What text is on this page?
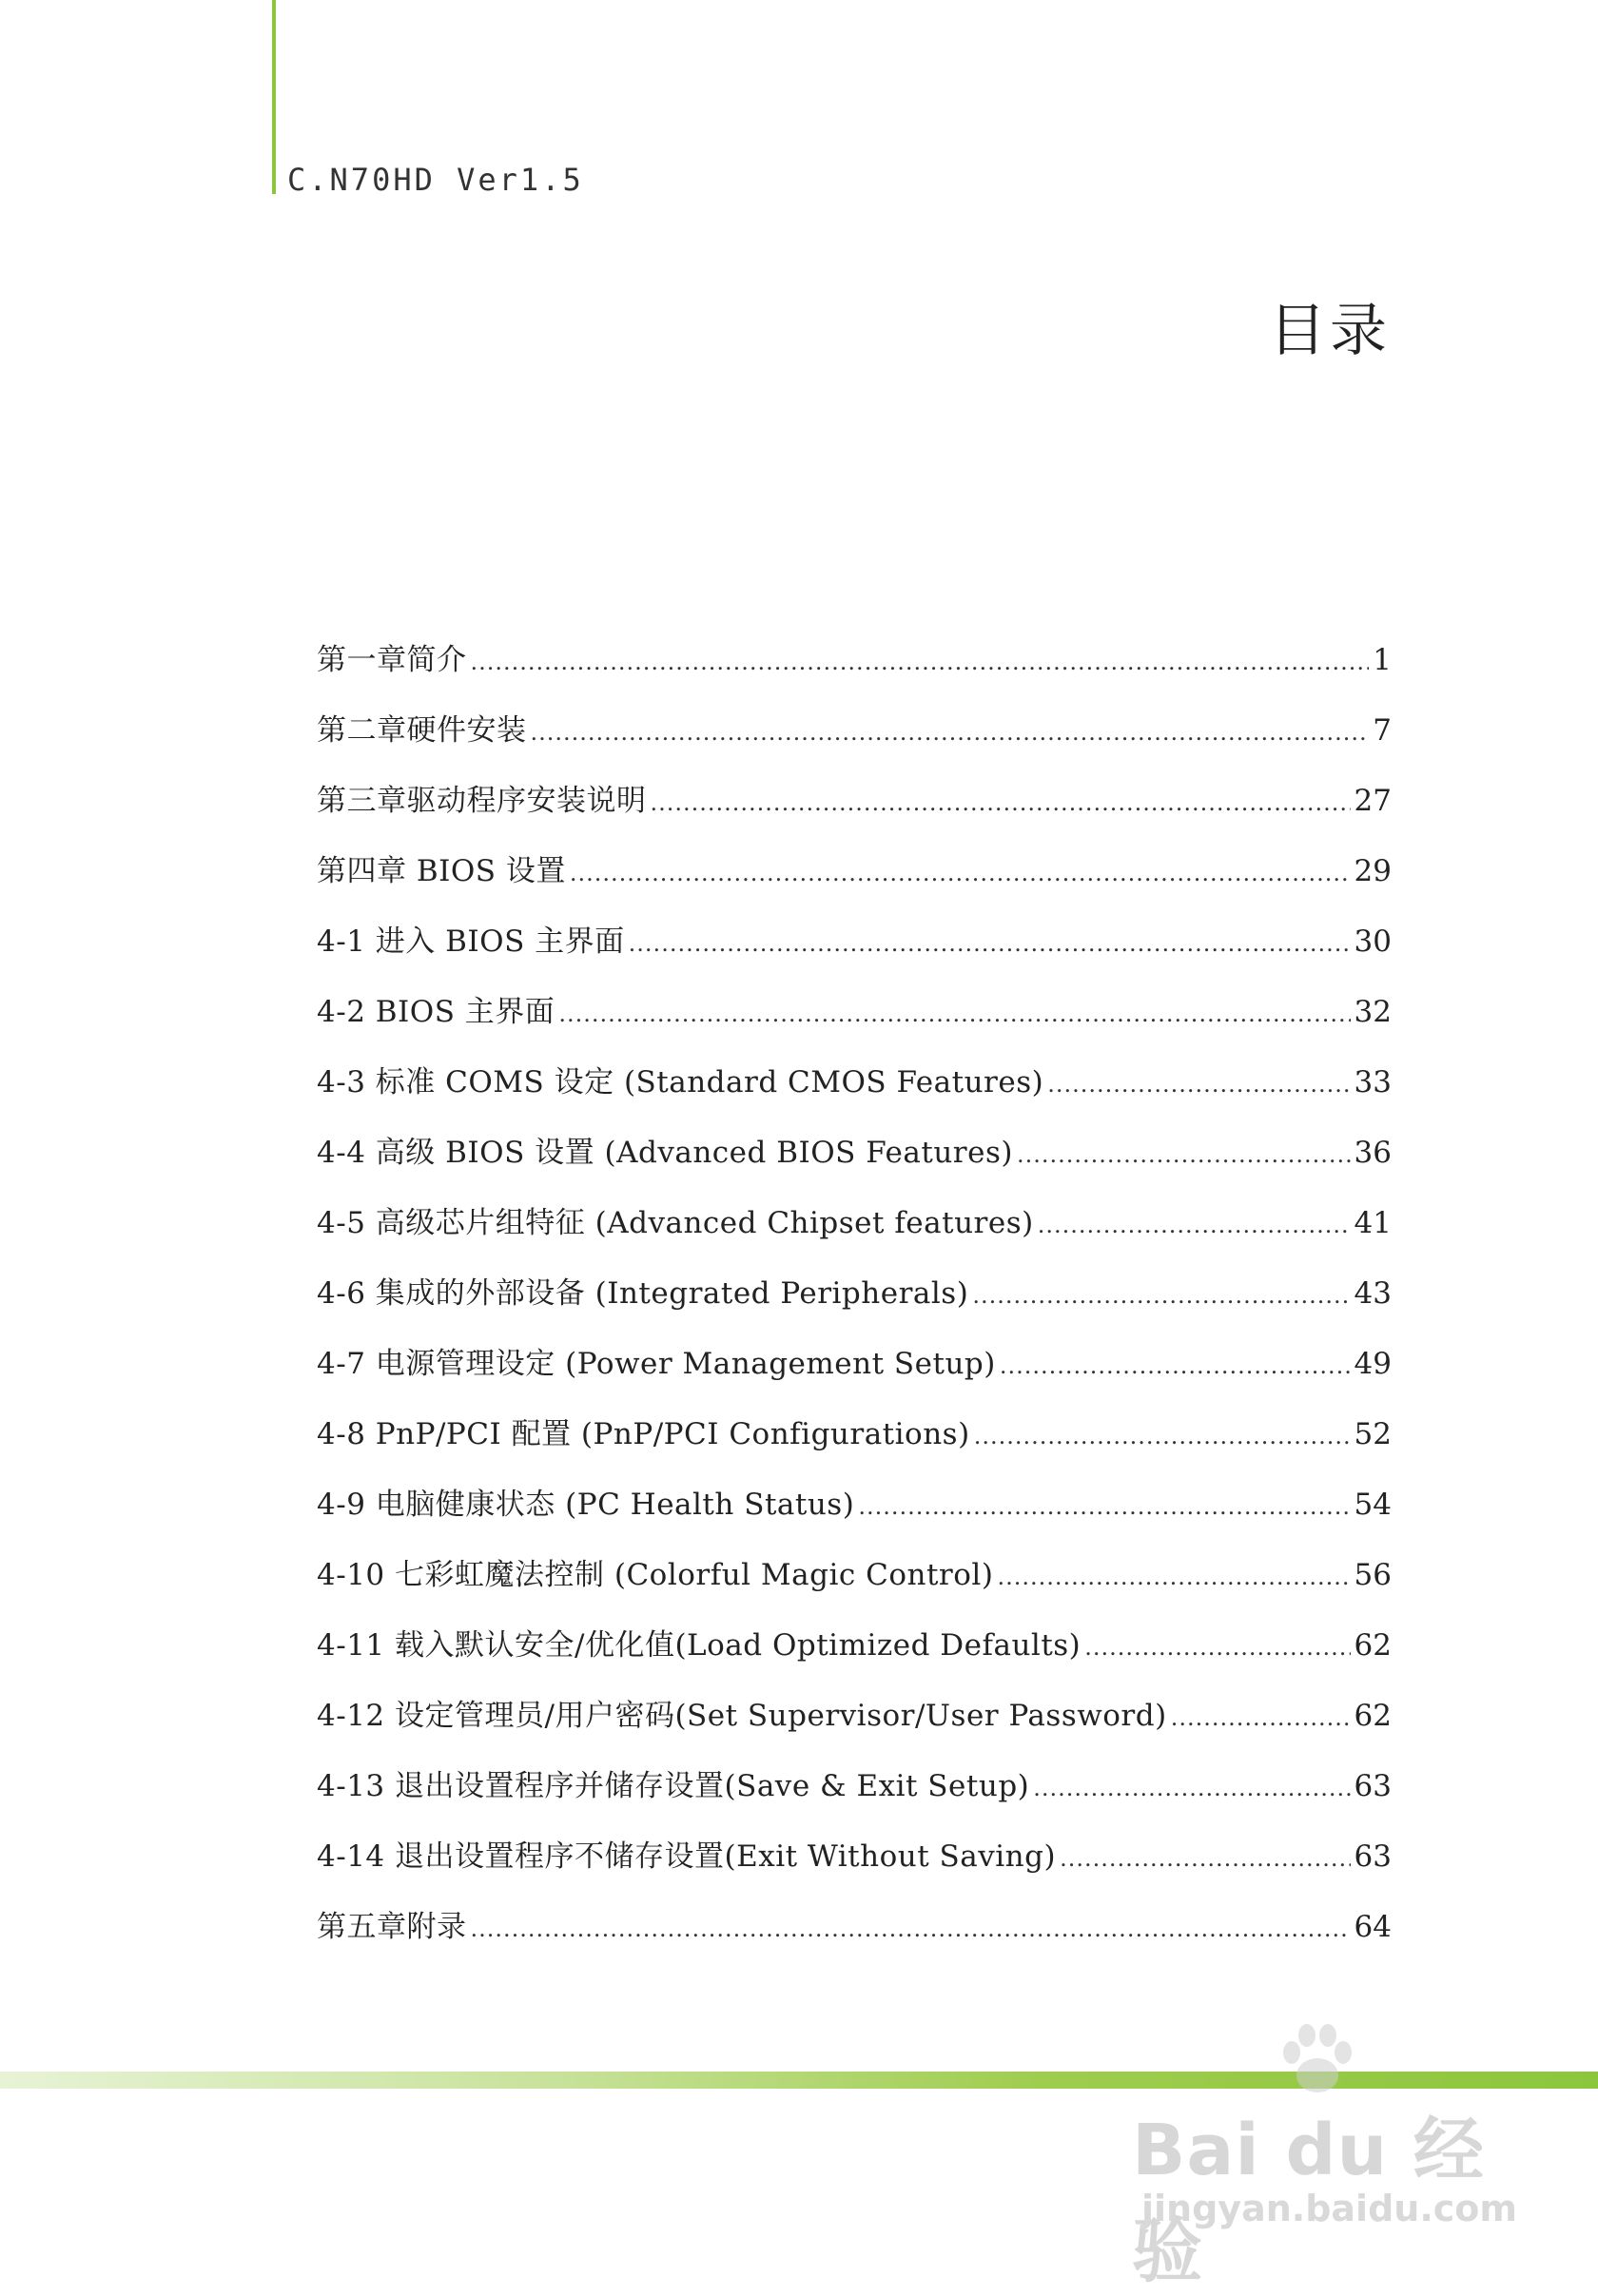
C.N70HD Ver1.5
目录
第一章简介 .....	1
第二章硬件安装 .....	7
第三章驱动程序安装说明 .....	27
第四章 BIOS 设置 .....	29
4-1 进入 BIOS 主界面 .....	30
4-2 BIOS 主界面 .....	32
4-3 标准 COMS 设定 (Standard CMOS Features) .....	33
4-4 高级 BIOS 设置 (Advanced BIOS Features) .....	36
4-5 高级芯片组特征 (Advanced Chipset features) .....	41
4-6 集成的外部设备 (Integrated Peripherals) .....	43
4-7 电源管理设定 (Power Management Setup) .....	49
4-8 PnP/PCI 配置 (PnP/PCI Configurations) .....	52
4-9 电脑健康状态 (PC Health Status) .....	54
4-10 七彩虹魔法控制 (Colorful Magic Control) .....	56
4-11 载入默认安全/优化值(Load Optimized Defaults) .....	62
4-12 设定管理员/用户密码(Set Supervisor/User Password) .....	62
4-13 退出设置程序并储存设置(Save & Exit Setup) .....	63
4-14 退出设置程序不储存设置(Exit Without Saving) .....	63
第五章附录 .....	64
Bai du 经验
jingyan.baidu.com
